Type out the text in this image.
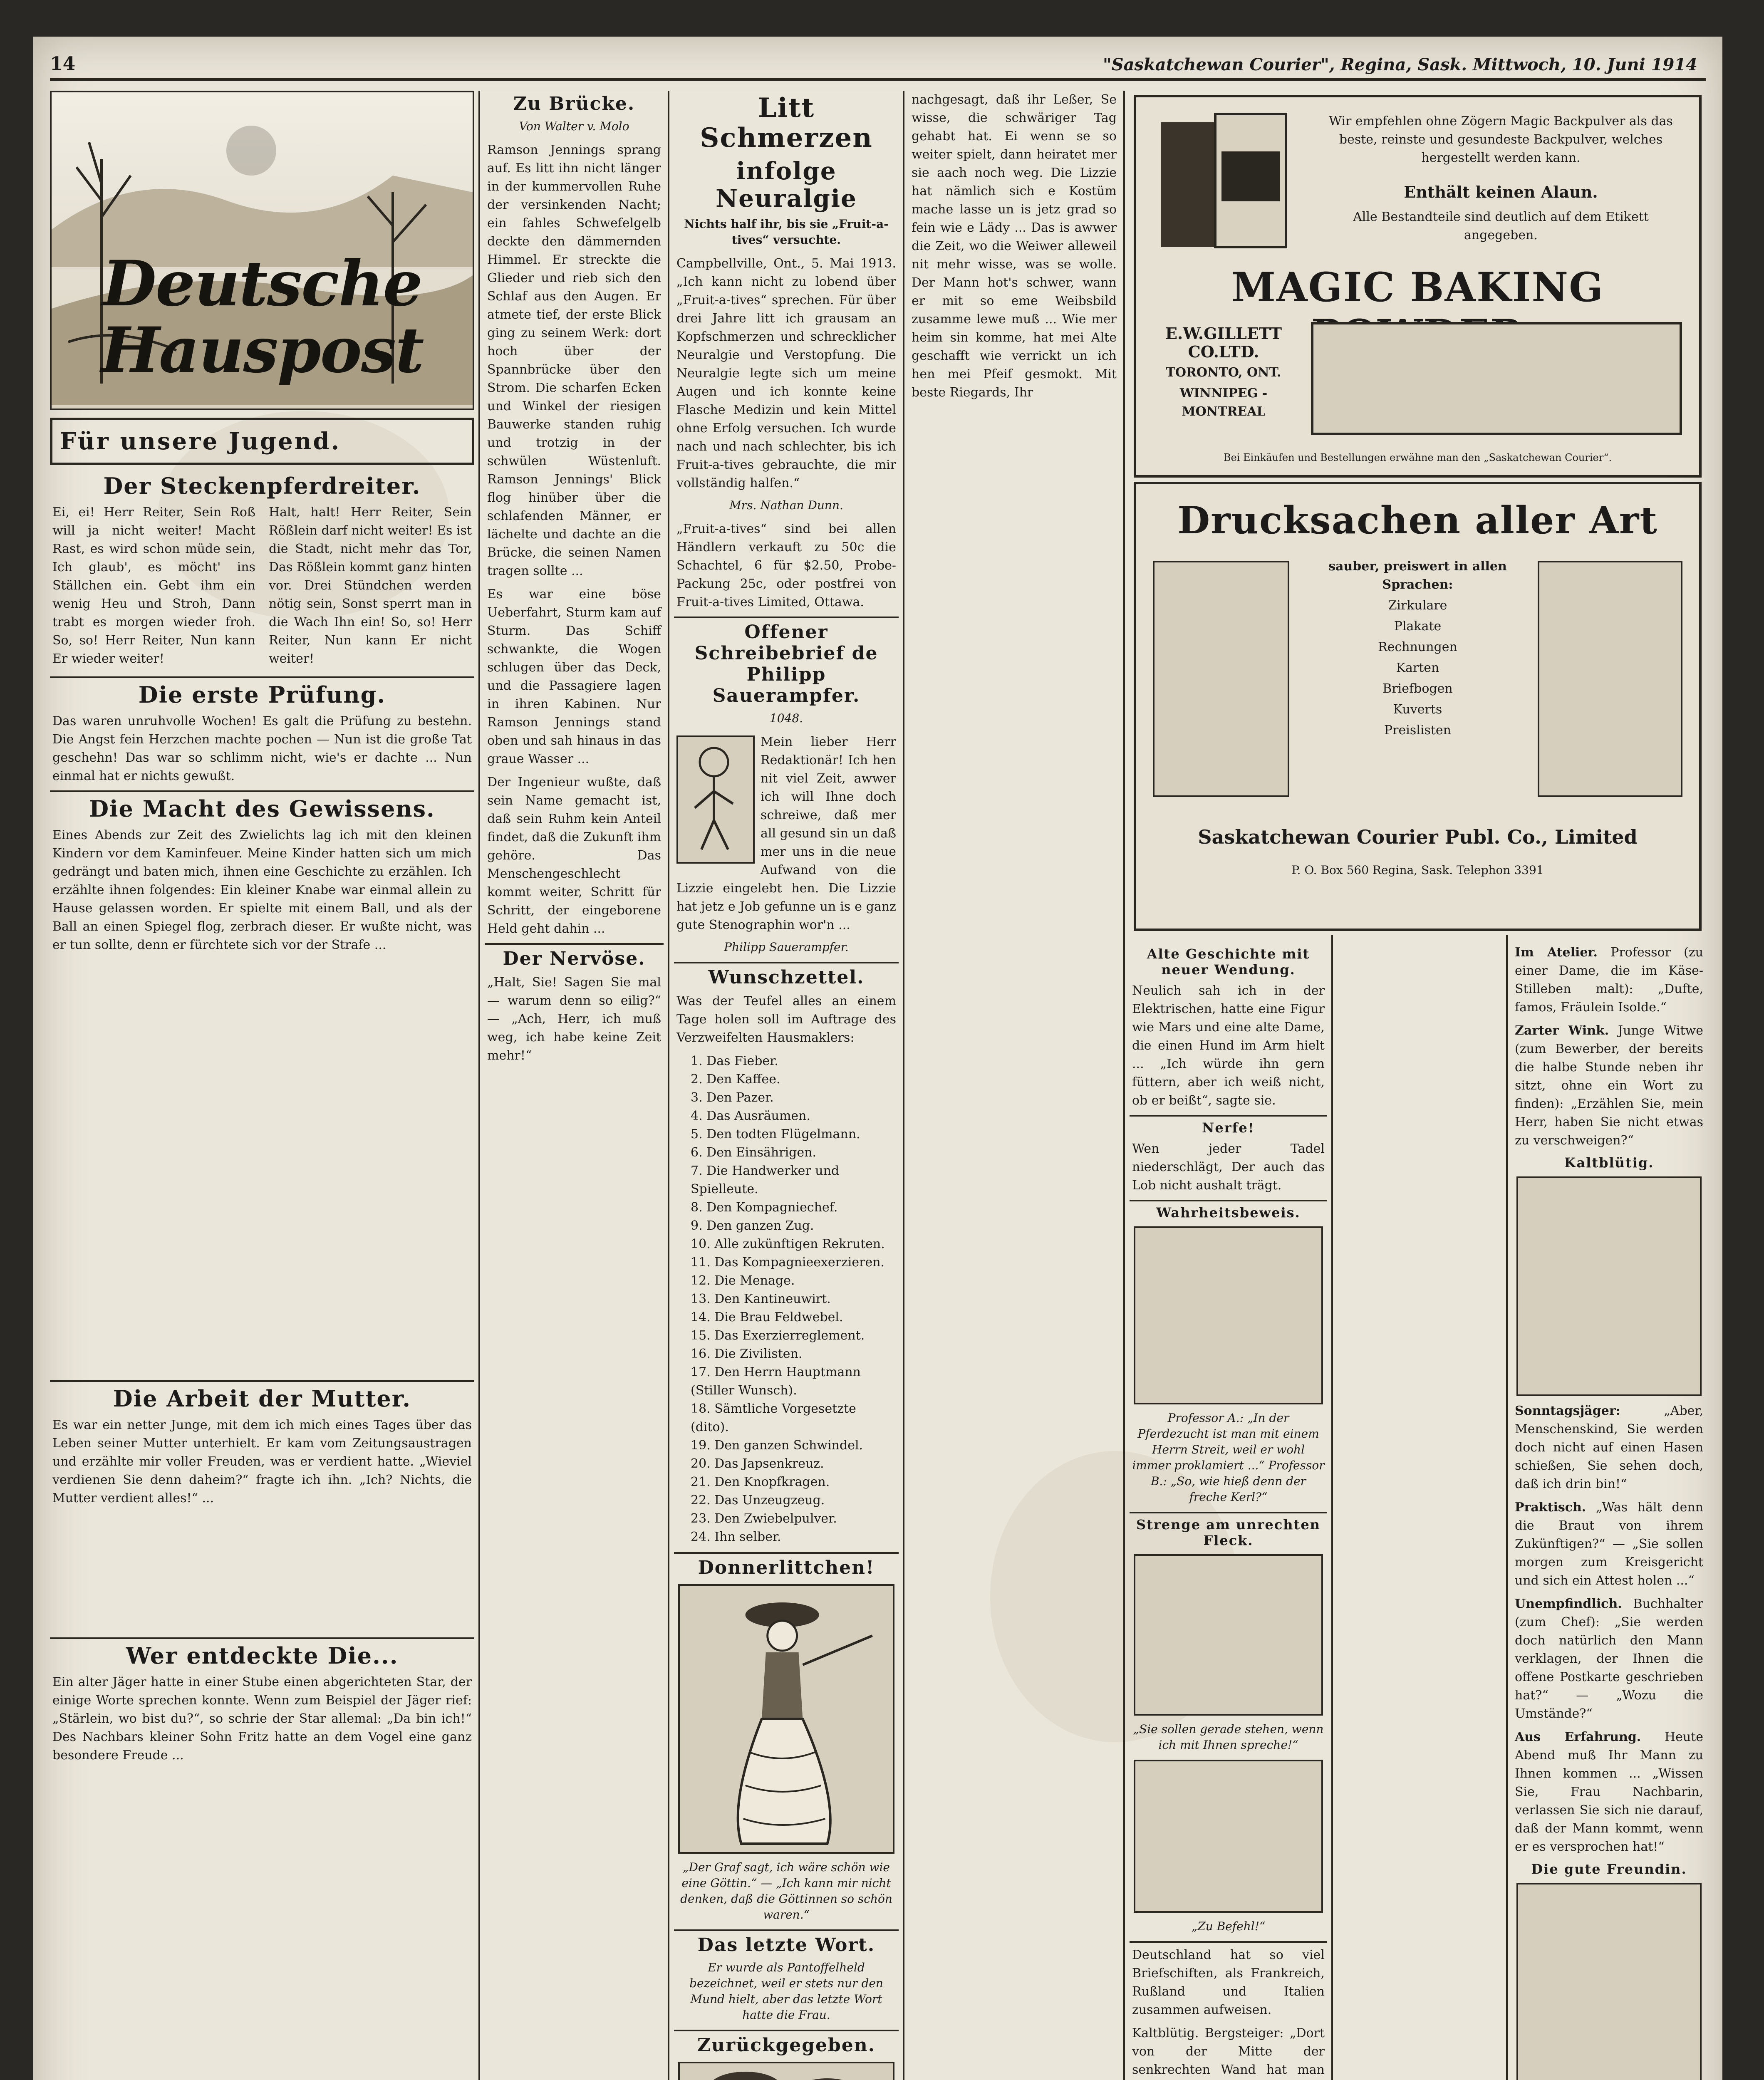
14	"Saskatchewan Courier", Regina, Sask. Mittwoch, 10. Juni 1914
Deutsche Hauspost
Für unsere Jugend.
Der Steckenpferdreiter.
Ei, ei! Herr Reiter, Sein Roß will ja nicht weiter! Macht Rast, es wird schon müde sein, Ich glaub', es möcht' ins Ställchen ein. Gebt ihm ein wenig Heu und Stroh, Dann trabt es morgen wieder froh. So, so! Herr Reiter, Nun kann Er wieder weiter!
Halt, halt! Herr Reiter, Sein Rößlein darf nicht weiter! Es ist die Stadt, nicht mehr das Tor, Das Rößlein kommt ganz hinten vor. Drei Stündchen werden nötig sein, Sonst sperrt man in die Wach Ihn ein! So, so! Herr Reiter, Nun kann Er nicht weiter!
Die erste Prüfung.
Das waren unruhvolle Wochen! Es galt die Prüfung zu bestehn. Die Angst fein Herzchen machte pochen — Nun ist die große Tat geschehn! Das war so schlimm nicht, wie's er dachte ... Nun einmal hat er nichts gewußt.
Die Macht des Gewissens.
Eines Abends zur Zeit des Zwielichts lag ich mit den kleinen Kindern vor dem Kaminfeuer. Meine Kinder hatten sich um mich gedrängt und baten mich, ihnen eine Geschichte zu erzählen. Ich erzählte ihnen folgendes: Ein kleiner Knabe war einmal allein zu Hause gelassen worden. Er spielte mit einem Ball, und als der Ball an einen Spiegel flog, zerbrach dieser. Er wußte nicht, was er tun sollte, denn er fürchtete sich vor der Strafe ...
Die Arbeit der Mutter.
Es war ein netter Junge, mit dem ich mich eines Tages über das Leben seiner Mutter unterhielt. Er kam vom Zeitungsaustragen und erzählte mir voller Freuden, was er verdient hatte. „Wieviel verdienen Sie denn daheim?“ fragte ich ihn. „Ich? Nichts, die Mutter verdient alles!“ ...
Wer entdeckte Die...
Ein alter Jäger hatte in einer Stube einen abgerichteten Star, der einige Worte sprechen konnte. Wenn zum Beispiel der Jäger rief: „Stärlein, wo bist du?“, so schrie der Star allemal: „Da bin ich!“ Des Nachbars kleiner Sohn Fritz hatte an dem Vogel eine ganz besondere Freude ...
Zu Brücke.
Von Walter v. Molo
Ramson Jennings sprang auf. Es litt ihn nicht länger in der kummervollen Ruhe der versinkenden Nacht; ein fahles Schwefelgelb deckte den dämmernden Himmel. Er streckte die Glieder und rieb sich den Schlaf aus den Augen. Er atmete tief, der erste Blick ging zu seinem Werk: dort hoch über der Spannbrücke über den Strom. Die scharfen Ecken und Winkel der riesigen Bauwerke standen ruhig und trotzig in der schwülen Wüstenluft. Ramson Jennings' Blick flog hinüber über die schlafenden Männer, er lächelte und dachte an die Brücke, die seinen Namen tragen sollte ...
Es war eine böse Ueberfahrt, Sturm kam auf Sturm. Das Schiff schwankte, die Wogen schlugen über das Deck, und die Passagiere lagen in ihren Kabinen. Nur Ramson Jennings stand oben und sah hinaus in das graue Wasser ...
Der Ingenieur wußte, daß sein Name gemacht ist, daß sein Ruhm kein Anteil findet, daß die Zukunft ihm gehöre. Das Menschengeschlecht kommt weiter, Schritt für Schritt, der eingeborene Held geht dahin ...
Der Nervöse.
„Halt, Sie! Sagen Sie mal — warum denn so eilig?“ — „Ach, Herr, ich muß weg, ich habe keine Zeit mehr!“
Litt Schmerzen
infolge Neuralgie
Nichts half ihr, bis sie „Fruit-a-tives“ versuchte.
Campbellville, Ont., 5. Mai 1913. „Ich kann nicht zu lobend über „Fruit-a-tives“ sprechen. Für über drei Jahre litt ich grausam an Kopfschmerzen und schrecklicher Neuralgie und Verstopfung. Die Neuralgie legte sich um meine Augen und ich konnte keine Flasche Medizin und kein Mittel ohne Erfolg versuchen. Ich wurde nach und nach schlechter, bis ich Fruit-a-tives gebrauchte, die mir vollständig halfen.“
Mrs. Nathan Dunn.
„Fruit-a-tives“ sind bei allen Händlern verkauft zu 50c die Schachtel, 6 für $2.50, Probe-Packung 25c, oder postfrei von Fruit-a-tives Limited, Ottawa.
Offener Schreibebrief de Philipp Sauerampfer.
1048.
Mein lieber Herr Redaktionär! Ich hen nit viel Zeit, awwer ich will Ihne doch schreiwe, daß mer all gesund sin un daß mer uns in die neue Aufwand von die Lizzie eingelebt hen. Die Lizzie hat jetz e Job gefunne un is e ganz gute Stenographin wor'n ...
Philipp Sauerampfer.
Wunschzettel.
Was der Teufel alles an einem Tage holen soll im Auftrage des Verzweifelten Hausmaklers:
1. Das Fieber.
2. Den Kaffee.
3. Den Pazer.
4. Das Ausräumen.
5. Den todten Flügelmann.
6. Den Einsährigen.
7. Die Handwerker und Spielleute.
8. Den Kompagniechef.
9. Den ganzen Zug.
10. Alle zukünftigen Rekruten.
11. Das Kompagnieexerzieren.
12. Die Menage.
13. Den Kantineuwirt.
14. Die Brau Feldwebel.
15. Das Exerzierreglement.
16. Die Zivilisten.
17. Den Herrn Hauptmann (Stiller Wunsch).
18. Sämtliche Vorgesetzte (dito).
19. Den ganzen Schwindel.
20. Das Japsenkreuz.
21. Den Knopfkragen.
22. Das Unzeugzeug.
23. Den Zwiebelpulver.
24. Ihn selber.
Donnerlittchen!
„Der Graf sagt, ich wäre schön wie eine Göttin.“ — „Ich kann mir nicht denken, daß die Göttinnen so schön waren.“
Das letzte Wort.
Er wurde als Pantoffelheld bezeichnet, weil er stets nur den Mund hielt, aber das letzte Wort hatte die Frau.
Zurückgegeben.
nachgesagt, daß ihr Leßer, Se wisse, die schwäriger Tag gehabt hat. Ei wenn se so weiter spielt, dann heiratet mer sie aach noch weg. Die Lizzie hat nämlich sich e Kostüm mache lasse un is jetz grad so fein wie e Lädy ... Das is awwer die Zeit, wo die Weiwer alleweil nit mehr wisse, was se wolle. Der Mann hot's schwer, wann er mit so eme Weibsbild zusamme lewe muß ... Wie mer heim sin komme, hat mei Alte geschafft wie verrickt un ich hen mei Pfeif gesmokt. Mit beste Riegards, Ihr
Wir empfehlen ohne Zögern Magic Backpulver als das beste, reinste und gesundeste Backpulver, welches hergestellt werden kann.
Enthält keinen Alaun.
Alle Bestandteile sind deutlich auf dem Etikett angegeben.
MAGIC BAKING
E.W.GILLETT CO.LTD.
TORONTO, ONT.
WINNIPEG - MONTREAL
Bei Einkäufen und Bestellungen erwähne man den „Saskatchewan Courier“.
Drucksachen aller Art
sauber, preiswert in allen Sprachen:
Zirkulare
Plakate
Rechnungen
Karten
Briefbogen
Kuverts
Preislisten
Saskatchewan Courier Publ. Co., Limited
P. O. Box 560 Regina, Sask. Telephon 3391
Alte Geschichte mit neuer Wendung.
Neulich sah ich in der Elektrischen, hatte eine Figur wie Mars und eine alte Dame, die einen Hund im Arm hielt ... „Ich würde ihn gern füttern, aber ich weiß nicht, ob er beißt“, sagte sie.
Nerfe!
Wen jeder Tadel niederschlägt, Der auch das Lob nicht aushalt trägt.
Wahrheitsbeweis.
Professor A.: „In der Pferdezucht ist man mit einem Herrn Streit, weil er wohl immer proklamiert ...“ Professor B.: „So, wie hieß denn der freche Kerl?“
Strenge am unrechten Fleck.
„Sie sollen gerade stehen, wenn ich mit Ihnen spreche!“
„Zu Befehl!“
Deutschland hat so viel Briefschiften, als Frankreich, Rußland und Italien zusammen aufweisen.
Kaltblütig. Bergsteiger: „Dort von der Mitte der senkrechten Wand hat man
Im Atelier. Professor (zu einer Dame, die im Käse-Stilleben malt): „Dufte, famos, Fräulein Isolde.“
Zarter Wink. Junge Witwe (zum Bewerber, der bereits die halbe Stunde neben ihr sitzt, ohne ein Wort zu finden): „Erzählen Sie, mein Herr, haben Sie nicht etwas zu verschweigen?“
Kaltblütig.
Sonntagsjäger:	„Aber, Menschenskind, Sie werden doch nicht auf einen Hasen schießen, Sie sehen doch, daß ich drin bin!“
Praktisch. „Was hält denn die Braut von ihrem Zukünftigen?“ — „Sie sollen morgen zum Kreisgericht und sich ein Attest holen ...“
Unempfindlich. Buchhalter (zum Chef): „Sie werden doch natürlich den Mann verklagen, der Ihnen die offene Postkarte geschrieben hat?“ — „Wozu die Umstände?“
Aus Erfahrung. Heute Abend muß Ihr Mann zu Ihnen kommen ... „Wissen Sie, Frau Nachbarin, verlassen Sie sich nie darauf, daß der Mann kommt, wenn er es versprochen hat!“
Die gute Freundin.
